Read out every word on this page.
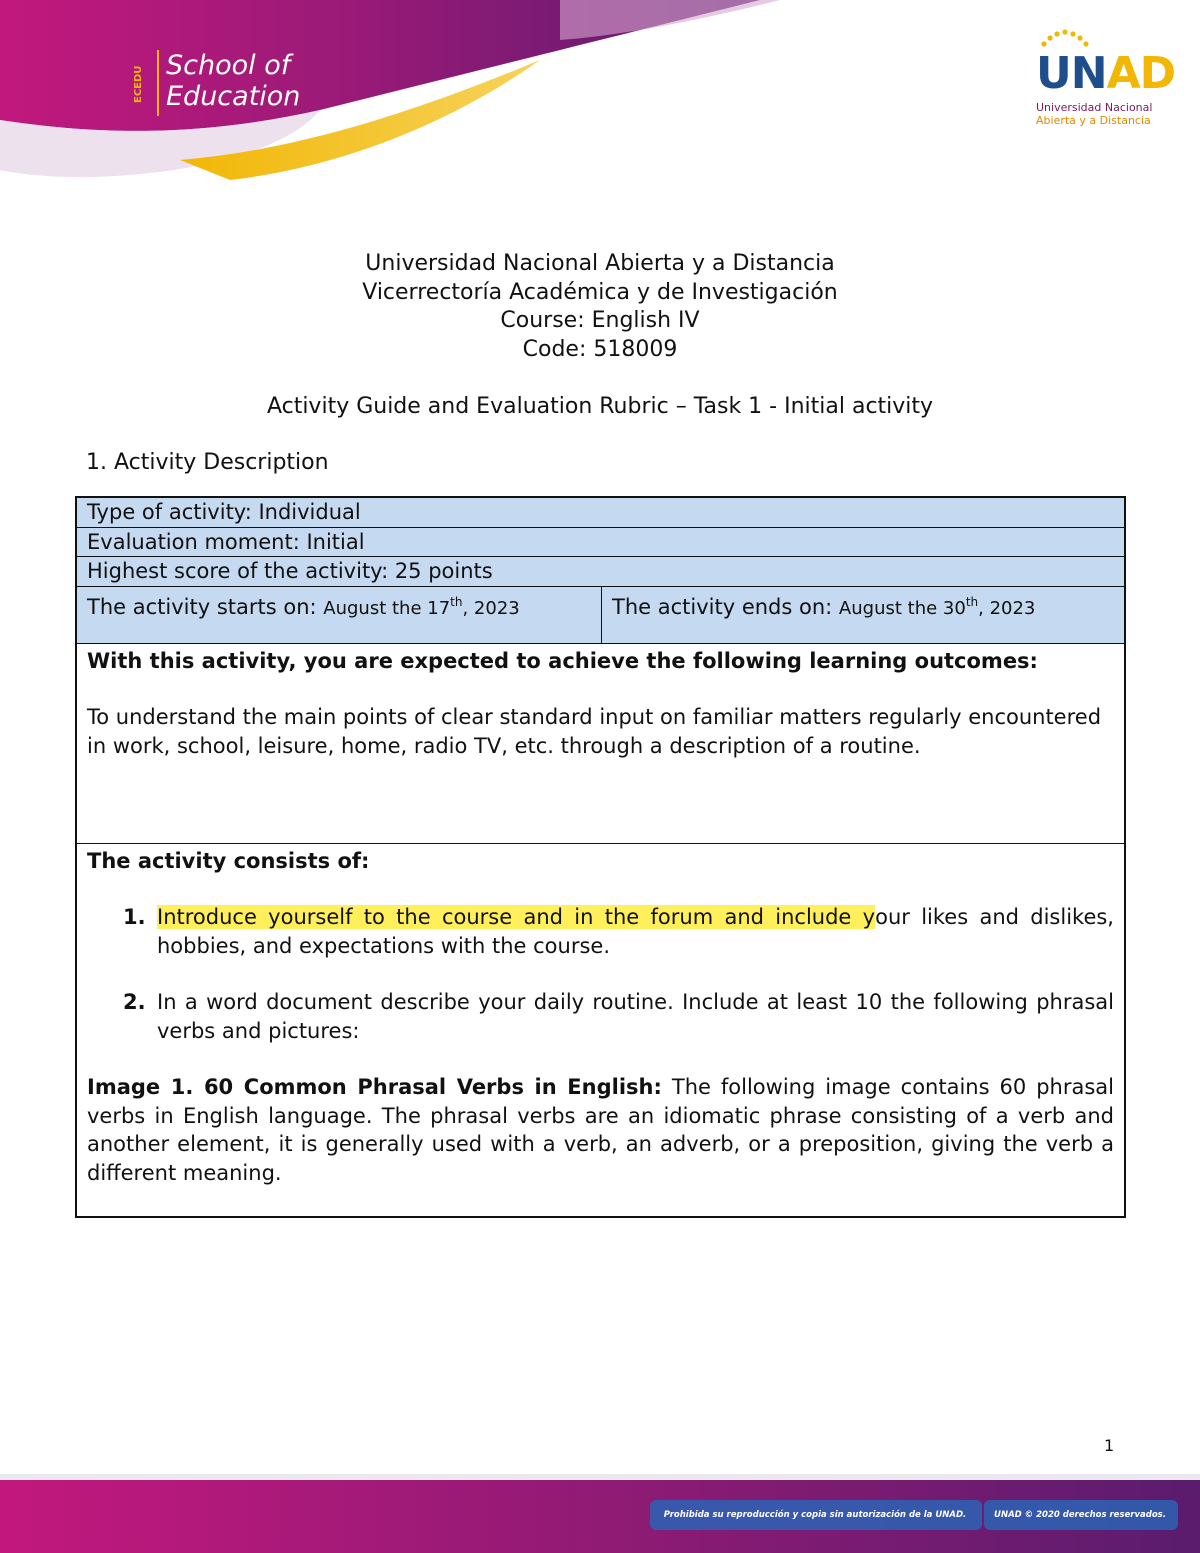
ECEDU School of
Education	UNAD
Universidad Nacional
Abierta y a Distancia
Universidad Nacional Abierta y a Distancia
Vicerrectoría Académica y de Investigación
Course: English IV
Code: 518009
Activity Guide and Evaluation Rubric – Task 1 - Initial activity
1. Activity Description
Type of activity: Individual
Evaluation moment: Initial
Highest score of the activity: 25 points
The activity starts on: August the 17th, 2023	The activity ends on: August the 30th, 2023
With this activity, you are expected to achieve the following learning outcomes:
To understand the main points of clear standard input on familiar matters regularly encountered in work, school, leisure, home, radio TV, etc. through a description of a routine.
The activity consists of:
1. Introduce yourself to the course and in the forum and include your likes and dislikes, hobbies, and expectations with the course.
2. In a word document describe your daily routine. Include at least 10 the following phrasal verbs and pictures:
Image 1. 60 Common Phrasal Verbs in English: The following image contains 60 phrasal verbs in English language. The phrasal verbs are an idiomatic phrase consisting of a verb and another element, it is generally used with a verb, an adverb, or a preposition, giving the verb a different meaning.
1
Prohibida su reproducción y copia sin autorización de la UNAD.	UNAD © 2020 derechos reservados.
